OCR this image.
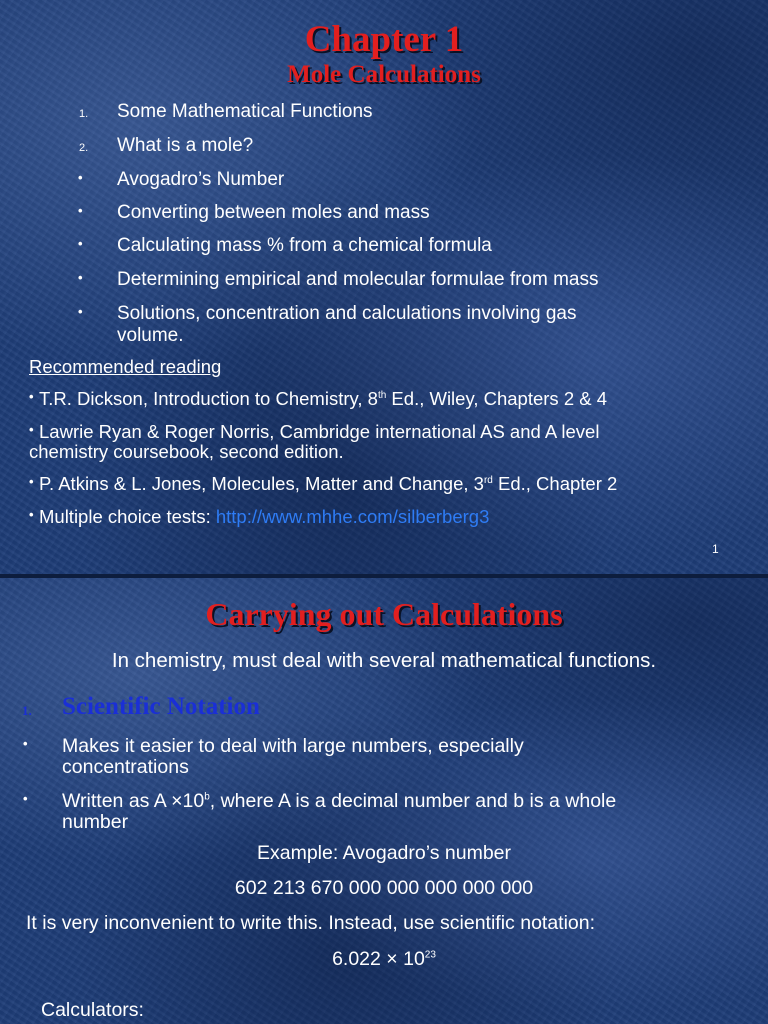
Chapter 1
Mole Calculations
1. Some Mathematical Functions
2. What is a mole?
• Avogadro’s Number
• Converting between moles and mass
• Calculating mass % from a chemical formula
• Determining empirical and molecular formulae from mass
• Solutions, concentration and calculations involving gas
volume.
Recommended reading
• T.R. Dickson, Introduction to Chemistry, 8th Ed., Wiley, Chapters 2 & 4
• Lawrie Ryan & Roger Norris, Cambridge international AS and A level
chemistry coursebook, second edition.
• P. Atkins & L. Jones, Molecules, Matter and Change, 3rd Ed., Chapter 2
• Multiple choice tests: http://www.mhhe.com/silberberg3
1
Carrying out Calculations
In chemistry, must deal with several mathematical functions.
1. Scientific Notation
• Makes it easier to deal with large numbers, especially
concentrations
• Written as $A \times 10^b$, where A is a decimal number and b is a whole
number
Example: Avogadro’s number
602 213 670 000 000 000 000 000
It is very inconvenient to write this. Instead, use scientific notation:
$6.022 \times 10^{23}$
Calculators:
